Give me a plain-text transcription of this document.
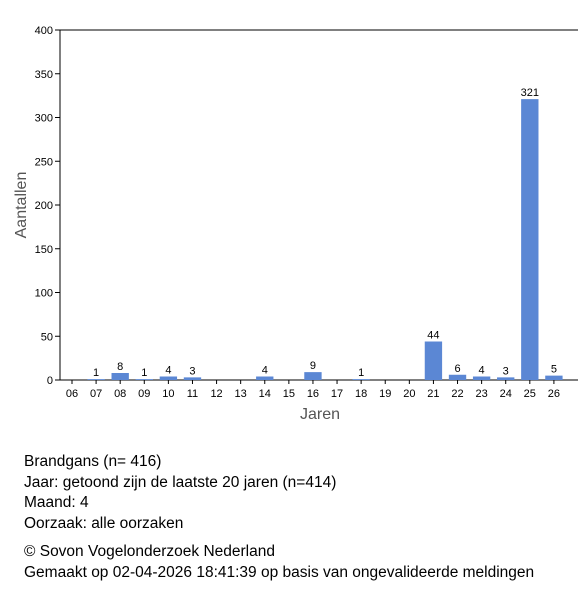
0
50
100
150
200
250
300
350
400
06 07 08 09 10 11 12 13 14 15 16 17 18 19 20 21 22 23 24 25 26
1
8
1 4 3	4	9
1
44
6 4 3
321
5
Aantallen
Jaren
Brandgans (n= 416)
Jaar: getoond zijn de laatste 20 jaren (n=414)
Maand: 4
Oorzaak: alle oorzaken
© Sovon Vogelonderzoek Nederland
Gemaakt op 02-04-2026 18:41:39 op basis van ongevalideerde meldingen
